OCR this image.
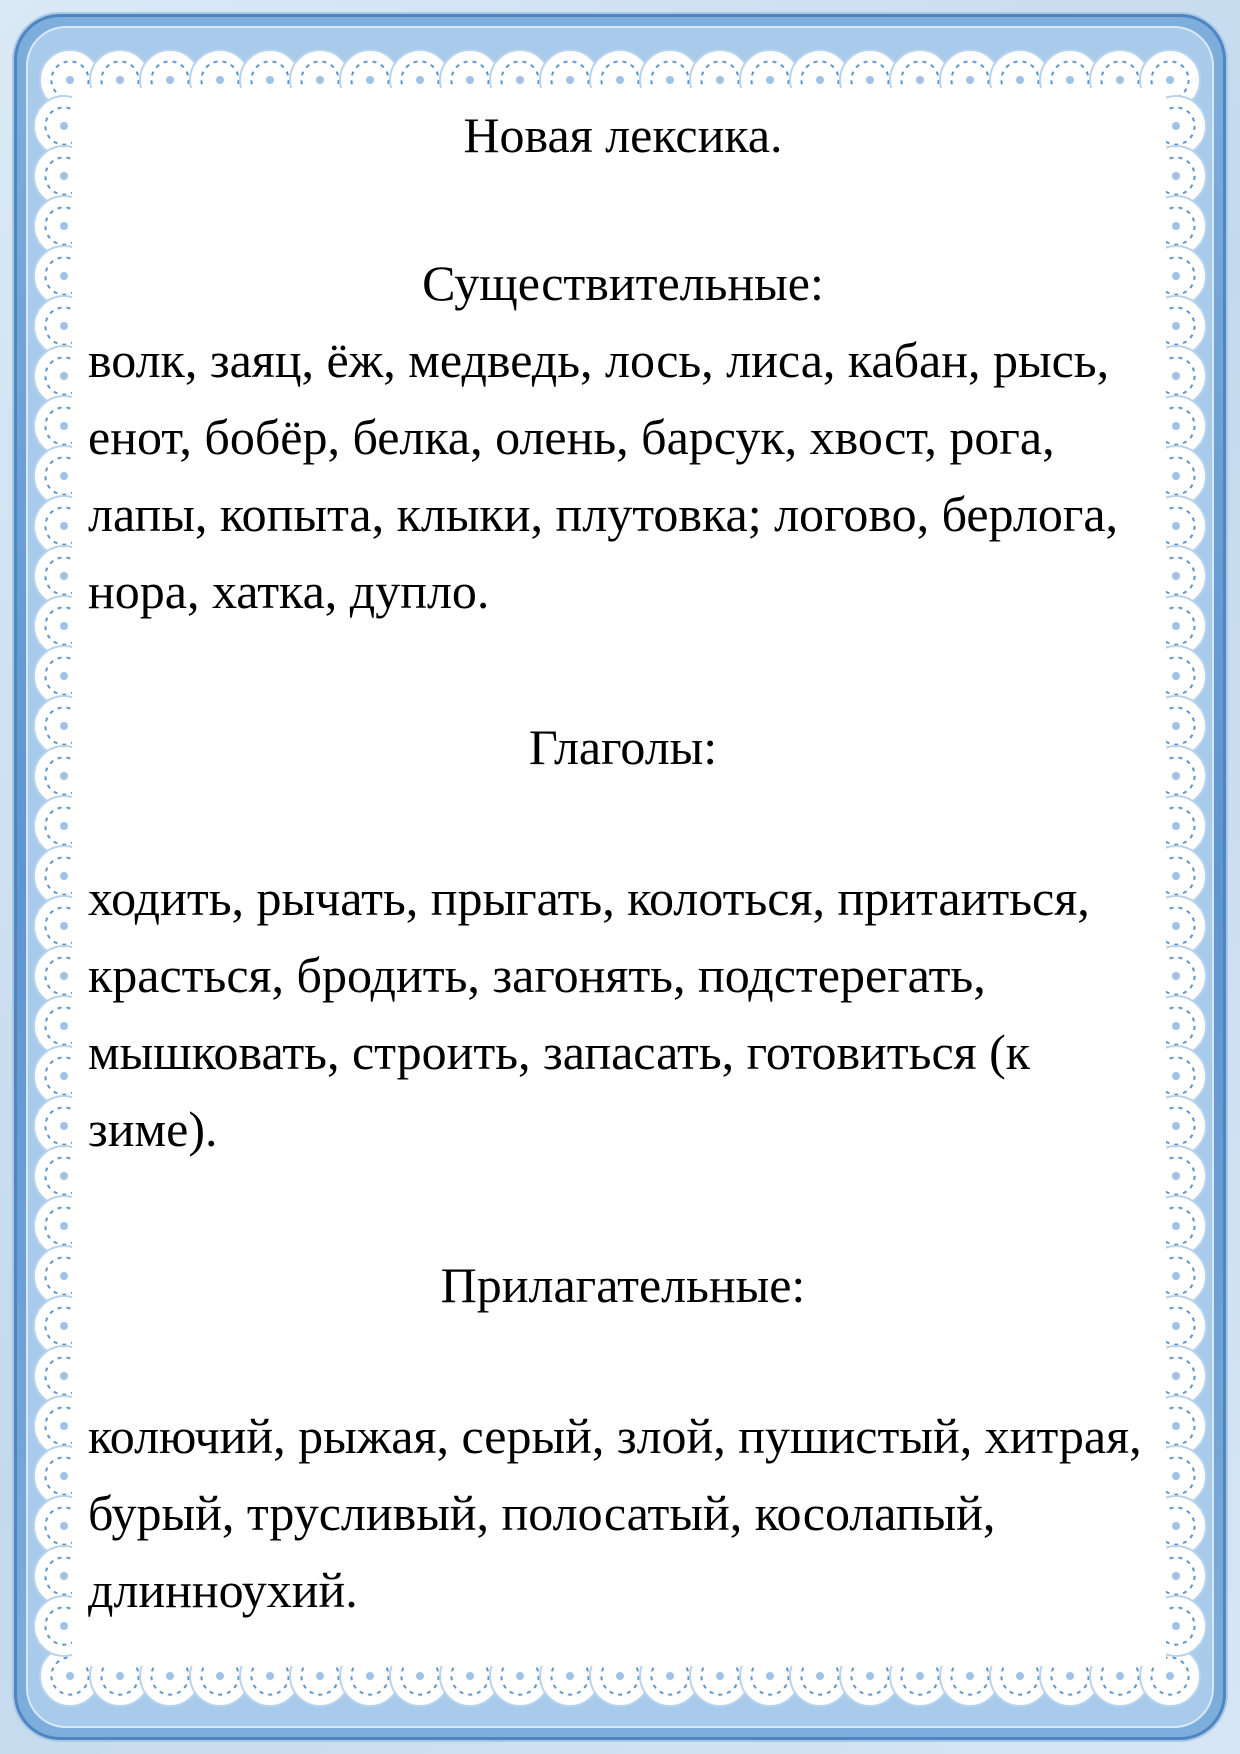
Новая лексика.
Существительные:

волк, заяц, ёж, медведь, лось, лиса, кабан, рысь, енот, бобёр, белка, олень, барсук, хвост, рога, лапы, копыта, клыки, плутовка; логово, берлога, нора, хатка, дупло.

Глаголы:

ходить, рычать, прыгать, колоться, притаиться, красться, бродить, загонять, подстерегать, мышковать, строить, запасать, готовиться (к зиме).

Прилагательные:

колючий, рыжая, серый, злой, пушистый, хитрая, бурый, трусливый, полосатый, косолапый, длинноухий.
